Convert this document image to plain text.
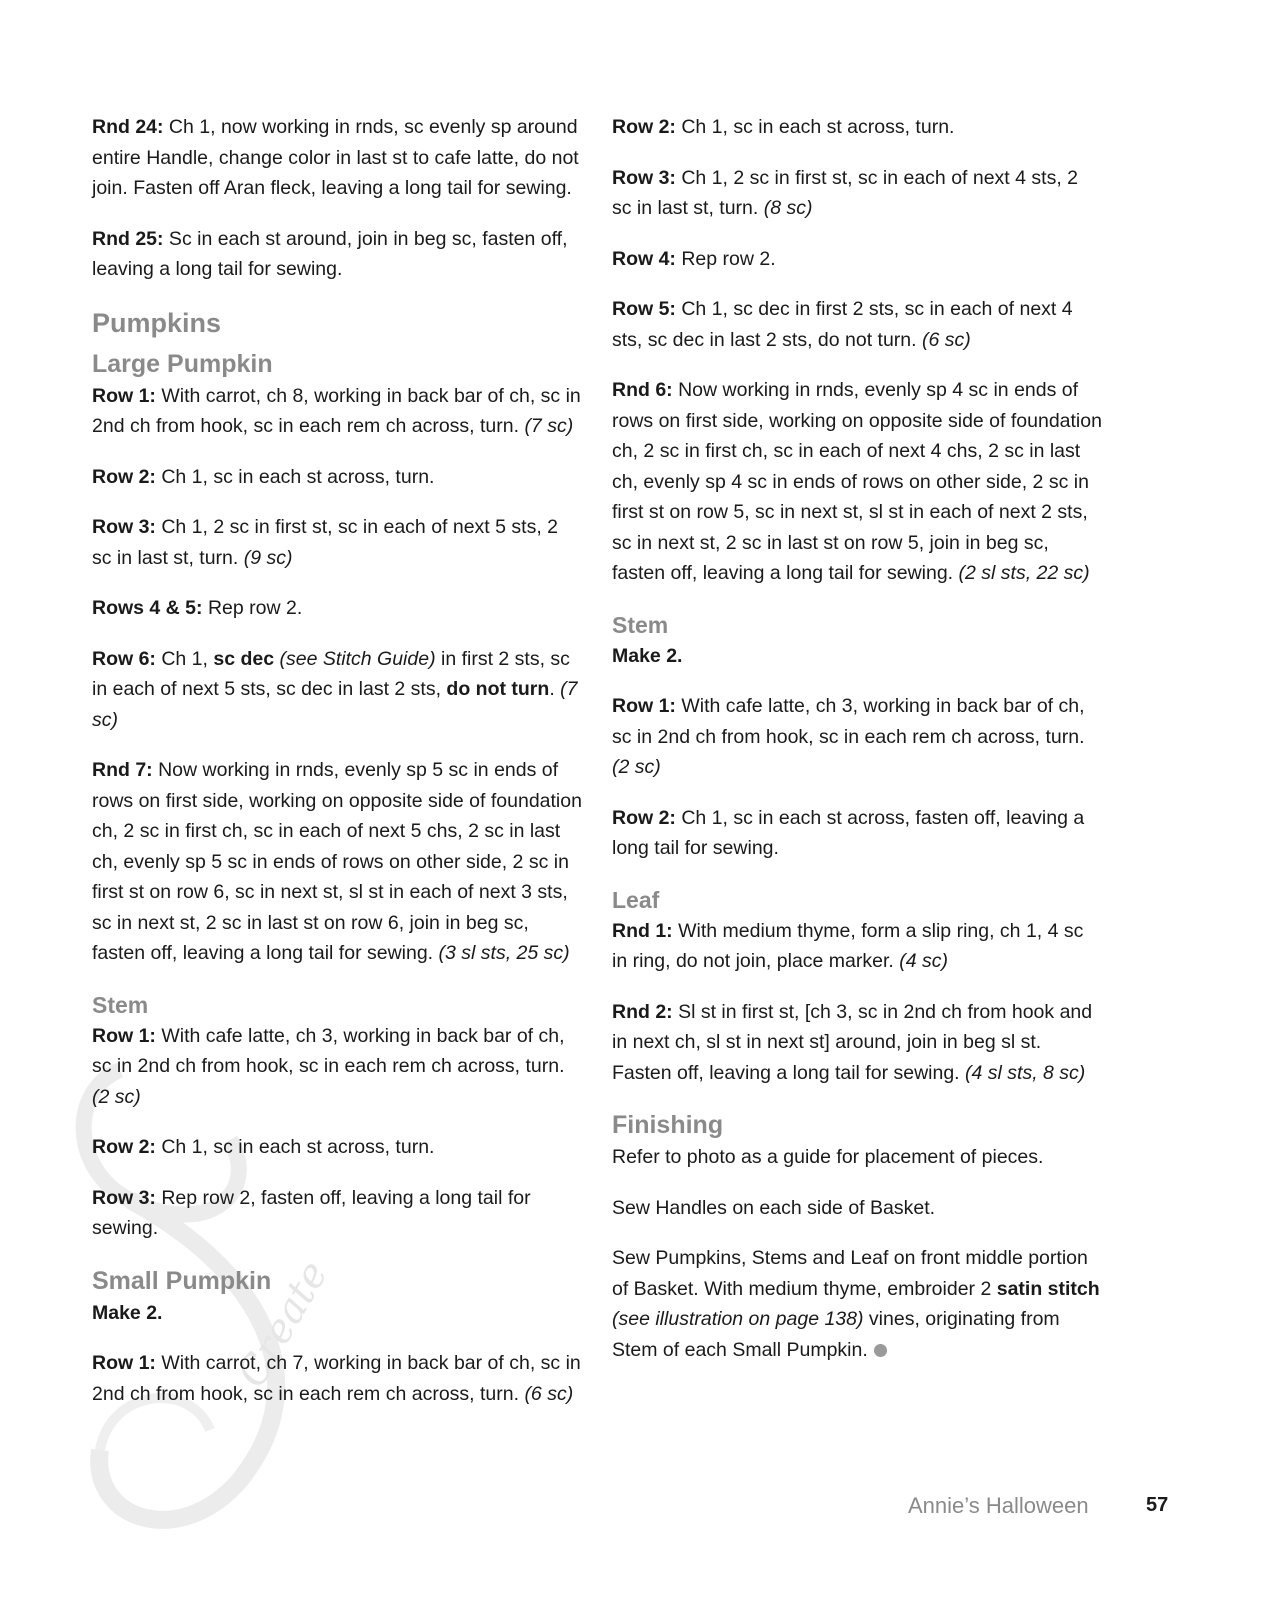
Create

Rnd 24: Ch 1, now working in rnds, sc evenly sp around entire Handle, change color in last st to cafe latte, do not join. Fasten off Aran fleck, leaving a long tail for sewing.

Rnd 25: Sc in each st around, join in beg sc, fasten off, leaving a long tail for sewing.

Pumpkins
Large Pumpkin

Row 1: With carrot, ch 8, working in back bar of ch, sc in 2nd ch from hook, sc in each rem ch across, turn. (7 sc)

Row 2: Ch 1, sc in each st across, turn.

Row 3: Ch 1, 2 sc in first st, sc in each of next 5 sts, 2 sc in last st, turn. (9 sc)

Rows 4 & 5: Rep row 2.

Row 6: Ch 1, sc dec (see Stitch Guide) in first 2 sts, sc in each of next 5 sts, sc dec in last 2 sts, do not turn. (7 sc)

Rnd 7: Now working in rnds, evenly sp 5 sc in ends of rows on first side, working on opposite side of foundation ch, 2 sc in first ch, sc in each of next 5 chs, 2 sc in last ch, evenly sp 5 sc in ends of rows on other side, 2 sc in first st on row 6, sc in next st, sl st in each of next 3 sts, sc in next st, 2 sc in last st on row 6, join in beg sc, fasten off, leaving a long tail for sewing. (3 sl sts, 25 sc)

Stem

Row 1: With cafe latte, ch 3, working in back bar of ch, sc in 2nd ch from hook, sc in each rem ch across, turn. (2 sc)

Row 2: Ch 1, sc in each st across, turn.

Row 3: Rep row 2, fasten off, leaving a long tail for sewing.

Small Pumpkin

Make 2.

Row 1: With carrot, ch 7, working in back bar of ch, sc in 2nd ch from hook, sc in each rem ch across, turn. (6 sc)

Row 2: Ch 1, sc in each st across, turn.

Row 3: Ch 1, 2 sc in first st, sc in each of next 4 sts, 2 sc in last st, turn. (8 sc)

Row 4: Rep row 2.

Row 5: Ch 1, sc dec in first 2 sts, sc in each of next 4 sts, sc dec in last 2 sts, do not turn. (6 sc)

Rnd 6: Now working in rnds, evenly sp 4 sc in ends of rows on first side, working on opposite side of foundation ch, 2 sc in first ch, sc in each of next 4 chs, 2 sc in last ch, evenly sp 4 sc in ends of rows on other side, 2 sc in first st on row 5, sc in next st, sl st in each of next 2 sts, sc in next st, 2 sc in last st on row 5, join in beg sc, fasten off, leaving a long tail for sewing. (2 sl sts, 22 sc)

Stem

Make 2.

Row 1: With cafe latte, ch 3, working in back bar of ch, sc in 2nd ch from hook, sc in each rem ch across, turn. (2 sc)

Row 2: Ch 1, sc in each st across, fasten off, leaving a long tail for sewing.

Leaf

Rnd 1: With medium thyme, form a slip ring, ch 1, 4 sc in ring, do not join, place marker. (4 sc)

Rnd 2: Sl st in first st, [ch 3, sc in 2nd ch from hook and in next ch, sl st in next st] around, join in beg sl st. Fasten off, leaving a long tail for sewing. (4 sl sts, 8 sc)

Finishing

Refer to photo as a guide for placement of pieces.

Sew Handles on each side of Basket.

Sew Pumpkins, Stems and Leaf on front middle portion of Basket. With medium thyme, embroider 2 satin stitch (see illustration on page 138) vines, originating from Stem of each Small Pumpkin.

Annie’s Halloween	57
